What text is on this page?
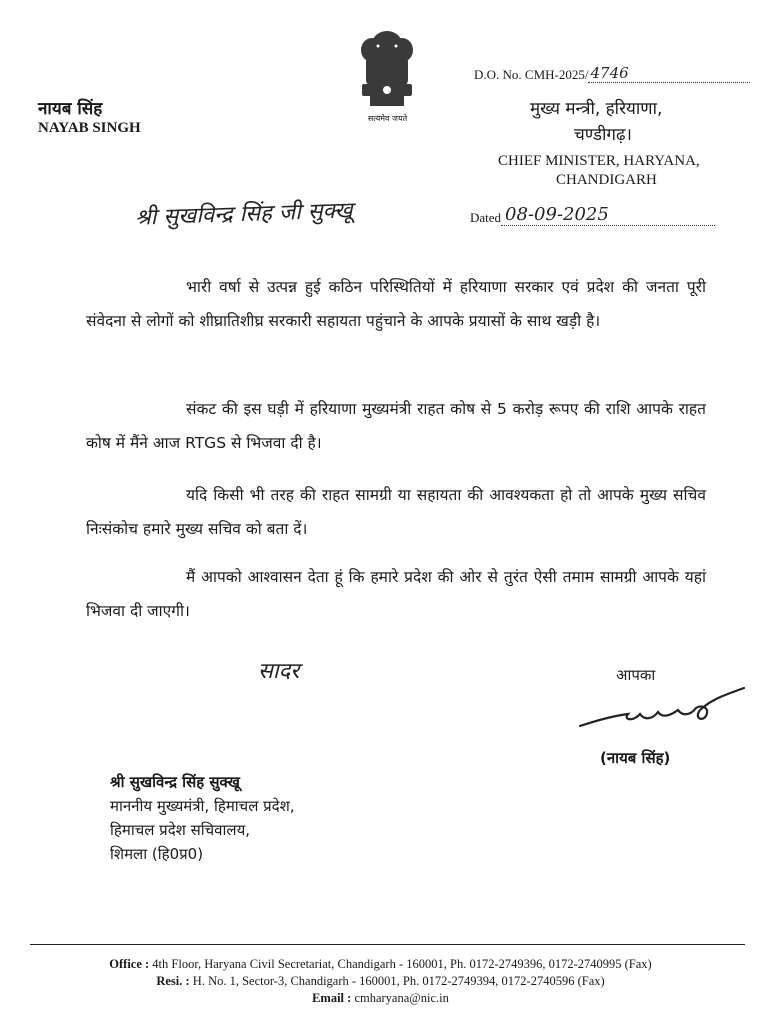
सत्यमेव जयते
नायब सिंह
NAYAB SINGH
D.O. No. CMH-2025/ 4746
मुख्य मन्त्री, हरियाणा,
चण्डीगढ़।
CHIEF MINISTER, HARYANA,
CHANDIGARH
श्री सुखविन्द्र सिंह जी सुक्खू	Dated 08-09-2025
भारी वर्षा से उत्पन्न हुई कठिन परिस्थितियों में हरियाणा सरकार एवं प्रदेश की जनता पूरी संवेदना से लोगों को शीघ्रातिशीघ्र सरकारी सहायता पहुंचाने के आपके प्रयासों के साथ खड़ी है।
संकट की इस घड़ी में हरियाणा मुख्यमंत्री राहत कोष से 5 करोड़ रूपए की राशि आपके राहत कोष में मैंने आज RTGS से भिजवा दी है।
यदि किसी भी तरह की राहत सामग्री या सहायता की आवश्यकता हो तो आपके मुख्य सचिव निःसंकोच हमारे मुख्य सचिव को बता दें।
मैं आपको आश्वासन देता हूं कि हमारे प्रदेश की ओर से तुरंत ऐसी तमाम सामग्री आपके यहां भिजवा दी जाएगी।
सादर	आपका
(नायब सिंह)
श्री सुखविन्द्र सिंह सुक्खू
माननीय मुख्यमंत्री, हिमाचल प्रदेश,
हिमाचल प्रदेश सचिवालय,
शिमला (हि0प्र0)
Office : 4th Floor, Haryana Civil Secretariat, Chandigarh - 160001, Ph. 0172-2749396, 0172-2740995 (Fax)
Resi. : H. No. 1, Sector-3, Chandigarh - 160001, Ph. 0172-2749394, 0172-2740596 (Fax)
Email : cmharyana@nic.in
